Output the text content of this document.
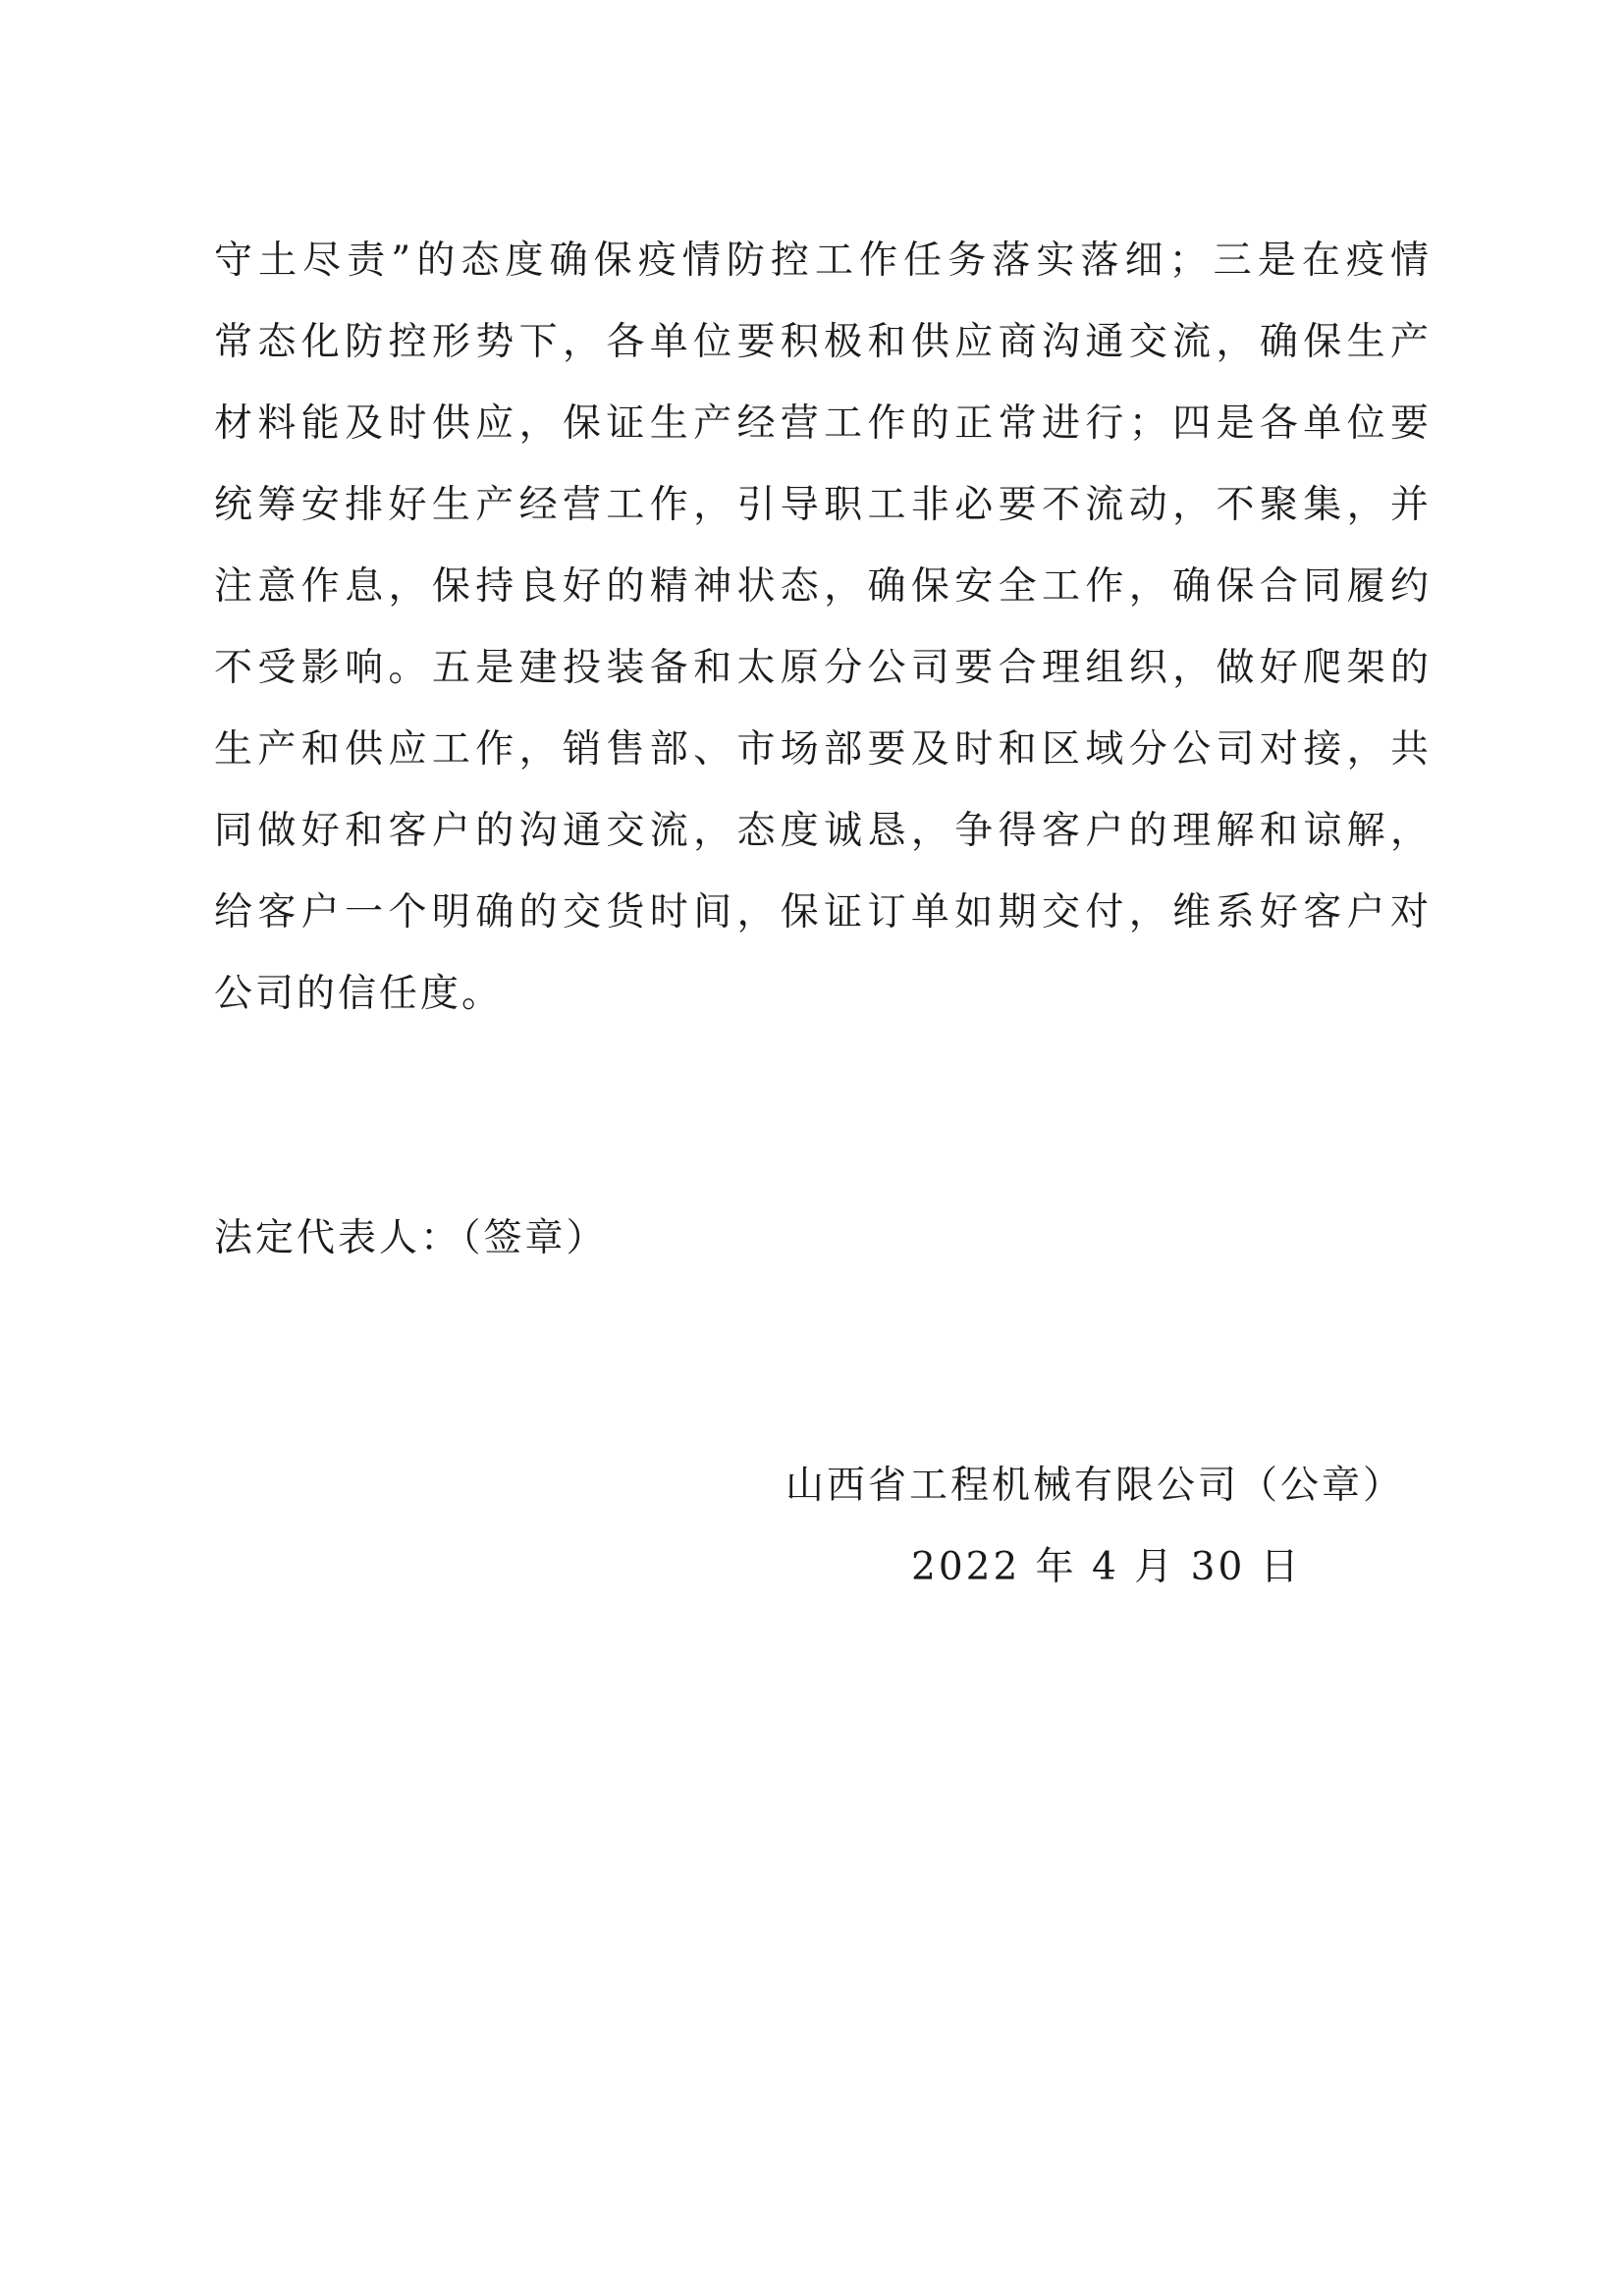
守土尽责”的态度确保疫情防控工作任务落实落细；三是在疫情
常态化防控形势下，各单位要积极和供应商沟通交流，确保生产
材料能及时供应，保证生产经营工作的正常进行；四是各单位要
统筹安排好生产经营工作，引导职工非必要不流动，不聚集，并
注意作息，保持良好的精神状态，确保安全工作，确保合同履约
不受影响。五是建投装备和太原分公司要合理组织，做好爬架的
生产和供应工作，销售部、市场部要及时和区域分公司对接，共
同做好和客户的沟通交流，态度诚恳，争得客户的理解和谅解，
给客户一个明确的交货时间，保证订单如期交付，维系好客户对
公司的信任度。
法定代表人：（签章）
山西省工程机械有限公司（公章）
2022 年 4 月 30 日
